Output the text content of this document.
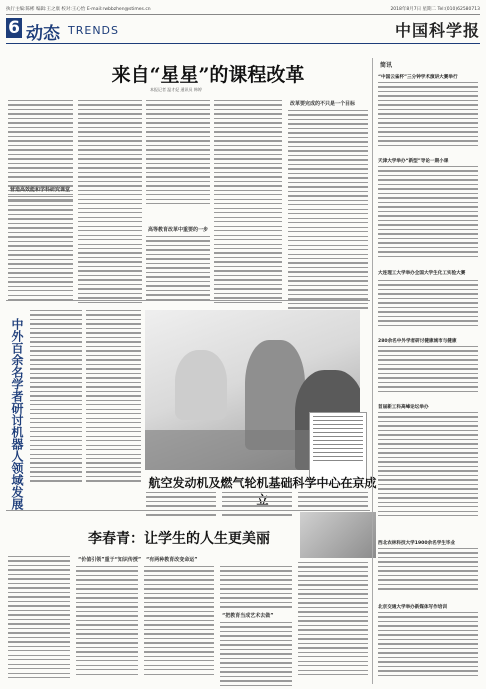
执行主编:陈彬 编辑:王之康 校对:王心怡 E-mail:rwbbzhen@stimes.cn	2018年8月7日 星期二 Tel:(010)62580713
6 动态 TRENDS	中国科学报
来自“星星”的课程改革
本报记者 温才妃 通讯员 韩婷
营造高效能和学科研究课堂
高等教育改革中重要的一步
改革要完成的不只是一个目标
中外百余名学者研讨机器人领域发展	航空发动机及燃气轮机基础科学中心在京成
李春青：让学生的人生更美丽
“价值引领”重于“知识传授” “有两种教育改变命运”
“把教育当成艺术去做”
简讯
“中国云雀杯”三分钟学术演讲大赛举行
天津大学举办“新型”导论一期小课
大连理工大学举办全国大学生化工实验大赛
280余名中外学者研讨健康城市与健康
首届新工科高峰论坛举办
西北农林科技大学1900余名学生毕业
北京交通大学举办新媒体写作培训
